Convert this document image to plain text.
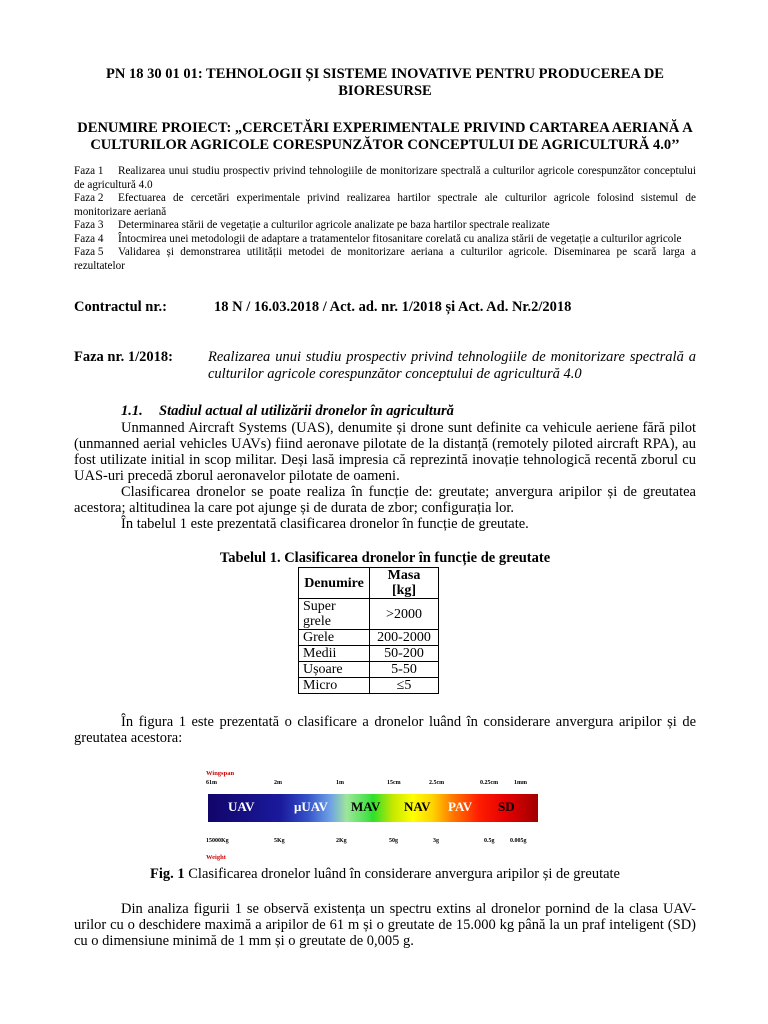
PN 18 30 01 01: TEHNOLOGII ȘI SISTEME INOVATIVE PENTRU PRODUCEREA DE BIORESURSE

DENUMIRE PROIECT: „CERCETĂRI EXPERIMENTALE PRIVIND CARTAREA AERIANĂ A CULTURILOR AGRICOLE CORESPUNZĂTOR CONCEPTULUI DE AGRICULTURĂ 4.0’’

Faza 1 Realizarea unui studiu prospectiv privind tehnologiile de monitorizare spectrală a culturilor agricole corespunzător conceptului de agricultură 4.0
Faza 2 Efectuarea de cercetări experimentale privind realizarea hartilor spectrale ale culturilor agricole folosind sistemul de monitorizare aeriană
Faza 3 Determinarea stării de vegetație a culturilor agricole analizate pe baza hartilor spectrale realizate
Faza 4 Întocmirea unei metodologii de adaptare a tratamentelor fitosanitare corelată cu analiza stării de vegetație a culturilor agricole
Faza 5 Validarea și demonstrarea utilității metodei de monitorizare aeriana a culturilor agricole. Diseminarea pe scară larga a rezultatelor
Contractul nr.:	18 N / 16.03.2018 / Act. ad. nr. 1/2018 și Act. Ad. Nr.2/2018
Faza nr. 1/2018:	Realizarea unui studiu prospectiv privind tehnologiile de monitorizare spectrală a culturilor agricole corespunzător conceptului de agricultură 4.0
1.1. Stadiul actual al utilizării dronelor în agricultură

Unmanned Aircraft Systems (UAS), denumite și drone sunt definite ca vehicule aeriene fără pilot (unmanned aerial vehicles UAVs) fiind aeronave pilotate de la distanță (remotely piloted aircraft RPA), au fost utilizate initial in scop militar. Deși lasă impresia că reprezintă inovație tehnologică recentă zborul cu UAS-uri precedă zborul aeronavelor pilotate de oameni.

Clasificarea dronelor se poate realiza în funcție de: greutate; anvergura aripilor și de greutatea acestora; altitudinea la care pot ajunge și de durata de zbor; configurația lor.

În tabelul 1 este prezentată clasificarea dronelor în funcție de greutate.

Tabelul 1. Clasificarea dronelor în funcție de greutate
Denumire	Masa [kg]
Super grele	>2000
Grele	200-2000
Medii	50-200
Ușoare	5-50
Micro	≤5

În figura 1 este prezentată o clasificare a dronelor luând în considerare anvergura aripilor și de greutatea acestora:

Wingspan
61m	2m	1m	15cm	2.5cm	0.25cm	1mm
UAV	μUAV MAV NAV PAV SD
15000Kg	5Kg	2Kg	50g	3g	0.5g	0.005g
Weight
Fig. 1 Clasificarea dronelor luând în considerare anvergura aripilor și de greutate

Din analiza figurii 1 se observă existența un spectru extins al dronelor pornind de la clasa UAV-urilor cu o deschidere maximă a aripilor de 61 m și o greutate de 15.000 kg până la un praf inteligent (SD) cu o dimensiune minimă de 1 mm și o greutate de 0,005 g.
